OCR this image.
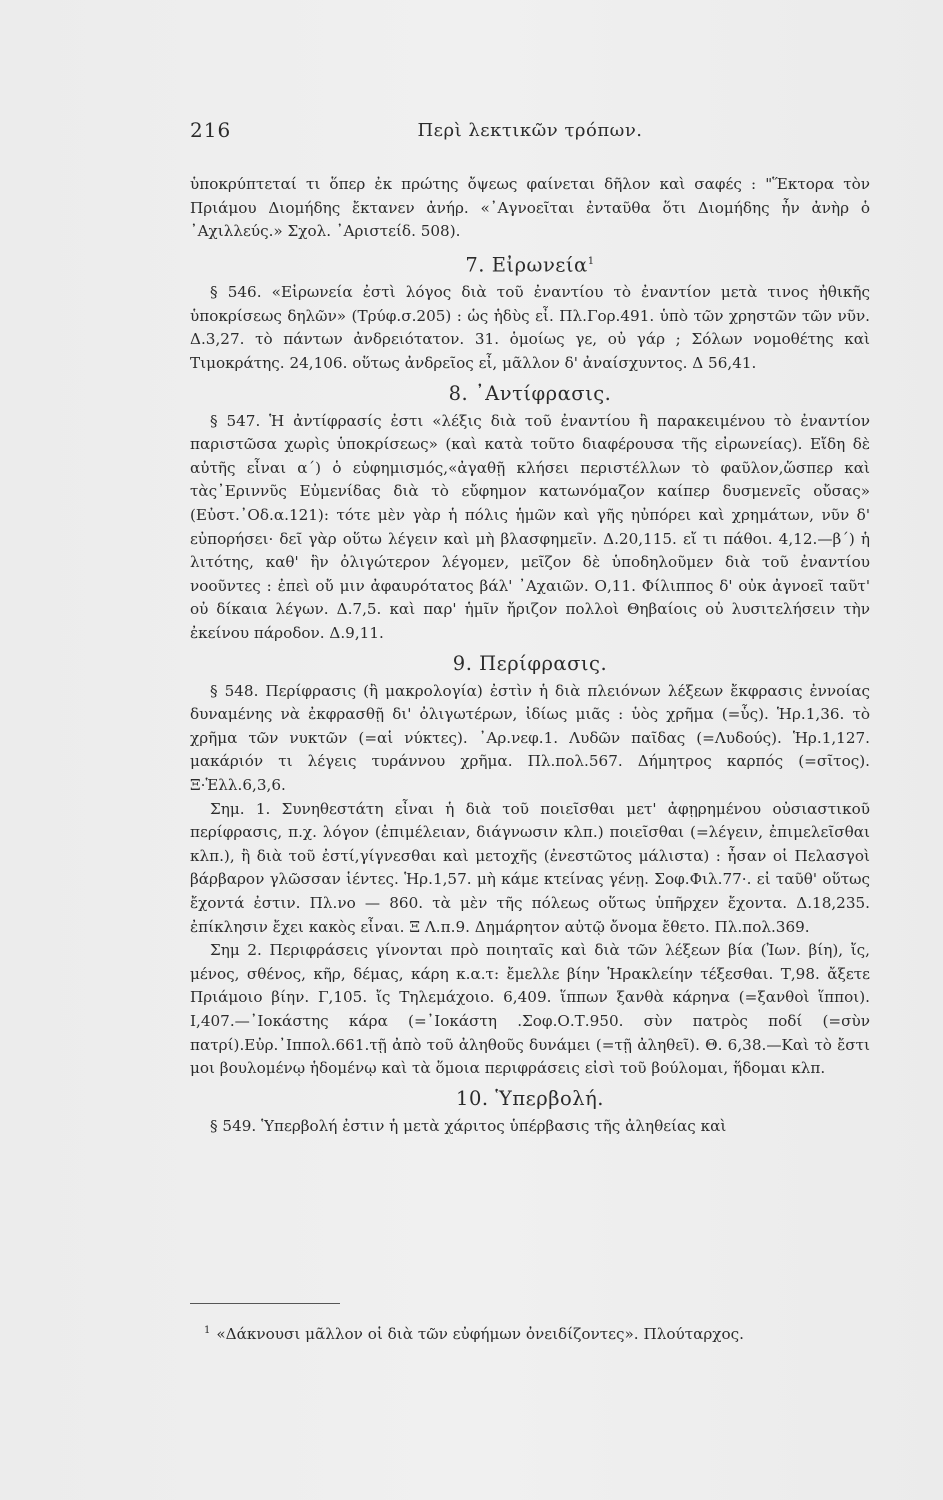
216	Περὶ λεκτικῶν τρόπων.

ὑποκρύπτεταί τι ὅπερ ἐκ πρώτης ὄψεως φαίνεται δῆλον καὶ σαφές : "Ἕκτορα τὸν Πριάμου Διομήδης ἔκτανεν ἀνήρ. «᾿Αγνοεῖται ἐνταῦθα ὅτι Διομήδης ἦν ἀνὴρ ὁ ᾿Αχιλλεύς.» Σχολ. ᾿Αριστείδ. 508).

7. Εἰρωνεία$^1$

§ 546. «Εἰρωνεία ἐστὶ λόγος διὰ τοῦ ἐναντίου τὸ ἐναντίον μετὰ τινος ἠθικῆς ὑποκρίσεως δηλῶν» (Τρύφ.σ.205) : ὡς ἡδὺς εἶ. Πλ.Γορ.491. ὑπὸ τῶν χρηστῶν τῶν νῦν. Δ.3,27. τὸ πάντων ἀνδρειότατον. 31. ὁμοίως γε, οὐ γάρ ; Σόλων νομοθέτης καὶ Τιμοκράτης. 24,106. οὕτως ἀνδρεῖος εἶ, μᾶλλον δ' ἀναίσχυντος. Δ 56,41.

8. ᾿Αντίφρασις.

§ 547. Ἡ ἀντίφρασίς ἐστι «λέξις διὰ τοῦ ἐναντίου ἢ παρακειμένου τὸ ἐναντίον παριστῶσα χωρὶς ὑποκρίσεως» (καὶ κατὰ τοῦτο διαφέρουσα τῆς εἰρωνείας). Εἴδη δὲ αὐτῆς εἶναι α΄) ὁ εὐφημισμός,«ἀγαθῇ κλήσει περιστέλλων τὸ φαῦλον,ὥσπερ καὶ τὰς᾿Εριννῦς Εὐμενίδας διὰ τὸ εὔφημον κατωνόμαζον καίπερ δυσμενεῖς οὔσας» (Εὐστ.᾿Οδ.α.121): τότε μὲν γὰρ ἡ πόλις ἡμῶν καὶ γῆς ηὐπόρει καὶ χρημάτων, νῦν δ' εὐπορήσει· δεῖ γὰρ οὕτω λέγειν καὶ μὴ βλασφημεῖν. Δ.20,115. εἴ τι πάθοι. 4,12.—β΄) ἡ λιτότης, καθ' ἣν ὀλιγώτερον λέγομεν, μεῖζον δὲ ὑποδηλοῦμεν διὰ τοῦ ἐναντίου νοοῦντες : ἐπεὶ οὔ μιν ἀφαυρότατος βάλ' ᾿Αχαιῶν. Ο,11. Φίλιππος δ' οὐκ ἀγνοεῖ ταῦτ' οὐ δίκαια λέγων. Δ.7,5. καὶ παρ' ἡμῖν ἤριζον πολλοὶ Θηβαίοις οὐ λυσιτελήσειν τὴν ἐκείνου πάροδον. Δ.9,11.

9. Περίφρασις.

§ 548. Περίφρασις (ἢ μακρολογία) ἐστὶν ἡ διὰ πλειόνων λέξεων ἔκφρασις ἐννοίας δυναμένης νὰ ἐκφρασθῇ δι' ὀλιγωτέρων, ἰδίως μιᾶς : ὑὸς χρῆμα (=ὗς). Ἡρ.1,36. τὸ χρῆμα τῶν νυκτῶν (=αἱ νύκτες). ᾿Αρ.νεφ.1. Λυδῶν παῖδας (=Λυδούς). Ἡρ.1,127. μακάριόν τι λέγεις τυράννου χρῆμα. Πλ.πολ.567. Δήμητρος καρπός (=σῖτος). Ξ·Ἑλλ.6,3,6.

Σημ. 1. Συνηθεστάτη εἶναι ἡ διὰ τοῦ ποιεῖσθαι μετ' ἀφῃρημένου οὐσιαστικοῦ περίφρασις, π.χ. λόγον (ἐπιμέλειαν, διάγνωσιν κλπ.) ποιεῖσθαι (=λέγειν, ἐπιμελεῖσθαι κλπ.), ἢ διὰ τοῦ ἐστί,γίγνεσθαι καὶ μετοχῆς (ἐνεστῶτος μάλιστα) : ἦσαν οἱ Πελασγοὶ βάρβαρον γλῶσσαν ἱέντες. Ἡρ.1,57. μὴ κάμε κτείνας γένῃ. Σοφ.Φιλ.77·. εἰ ταῦθ' οὕτως ἔχοντά ἐστιν. Πλ.νο — 860. τὰ μὲν τῆς πόλεως οὕτως ὑπῆρχεν ἔχοντα. Δ.18,235. ἐπίκλησιν ἔχει κακὸς εἶναι. Ξ Λ.π.9. Δημάρητον αὐτῷ ὄνομα ἔθετο. Πλ.πολ.369.

Σημ 2. Περιφράσεις γίνονται πρὸ ποιηταῖς καὶ διὰ τῶν λέξεων βία (Ἰων. βίη), ἴς, μένος, σθένος, κῆρ, δέμας, κάρη κ.α.τ: ἔμελλε βίην Ἡρακλείην τέξεσθαι. Τ,98. ἄξετε Πριάμοιο βίην. Γ,105. ἴς Τηλεμάχοιο. 6,409. ἵππων ξανθὰ κάρηνα (=ξανθοὶ ἵπποι). Ι,407.—᾿Ιοκάστης κάρα (=᾿Ιοκάστη .Σοφ.Ο.Τ.950. σὺν πατρὸς ποδί (=σὺν πατρί).Εὐρ.᾿Ιππολ.661.τῇ ἀπὸ τοῦ ἀληθοῦς δυνάμει (=τῇ ἀληθεῖ). Θ. 6,38.—Καὶ τὸ ἔστι μοι βουλομένῳ ἡδομένῳ καὶ τὰ ὅμοια περιφράσεις εἰσὶ τοῦ βούλομαι, ἥδομαι κλπ.

10. Ὑπερβολή.

§ 549. Ὑπερβολή ἐστιν ἡ μετὰ χάριτος ὑπέρβασις τῆς ἀληθείας καὶ

$^1$ «Δάκνουσι μᾶλλον οἱ διὰ τῶν εὐφήμων ὀνειδίζοντες». Πλούταρχος.
